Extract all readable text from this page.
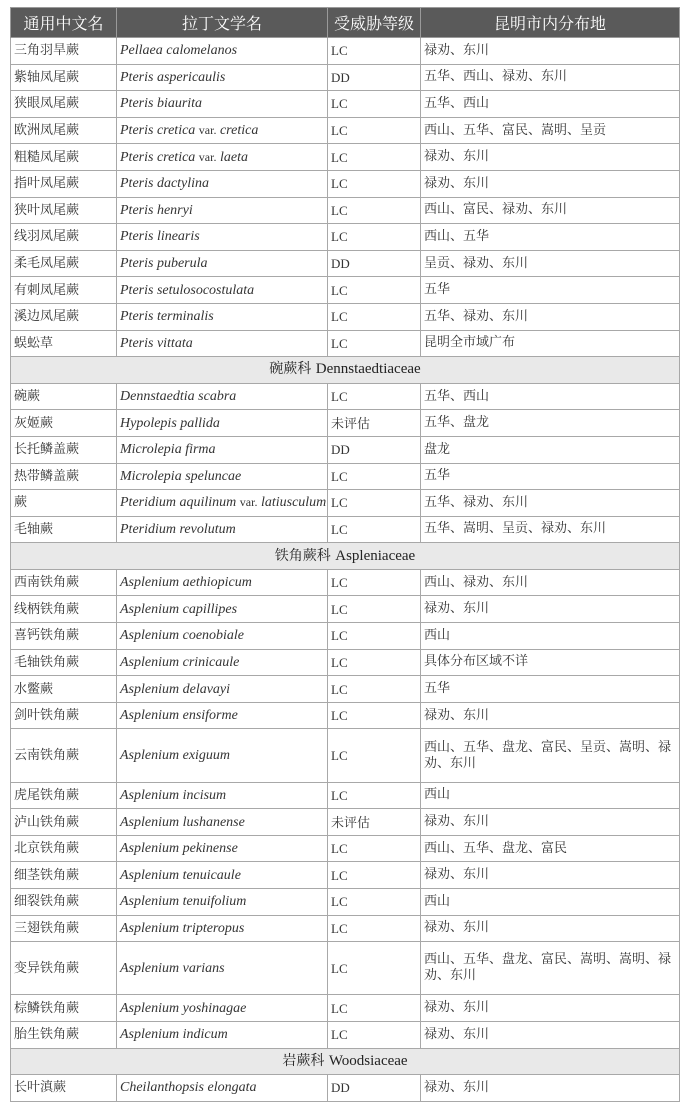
通用中文名	拉丁文学名	受威胁等级	昆明市内分布地
三角羽旱蕨	Pellaea calomelanos	LC	禄劝、东川
紫轴凤尾蕨	Pteris aspericaulis	DD	五华、西山、禄劝、东川
狭眼凤尾蕨	Pteris biaurita	LC	五华、西山
欧洲凤尾蕨	Pteris cretica var. cretica	LC	西山、五华、富民、嵩明、呈贡
粗糙凤尾蕨	Pteris cretica var. laeta	LC	禄劝、东川
指叶凤尾蕨	Pteris dactylina	LC	禄劝、东川
狭叶凤尾蕨	Pteris henryi	LC	西山、富民、禄劝、东川
线羽凤尾蕨	Pteris linearis	LC	西山、五华
柔毛凤尾蕨	Pteris puberula	DD	呈贡、禄劝、东川
有刺凤尾蕨	Pteris setulosocostulata	LC	五华
溪边凤尾蕨	Pteris terminalis	LC	五华、禄劝、东川
蜈蚣草	Pteris vittata	LC	昆明全市域广布
碗蕨科 Dennstaedtiaceae			
碗蕨	Dennstaedtia scabra	LC	五华、西山
灰姬蕨	Hypolepis pallida	未评估	五华、盘龙
长托鳞盖蕨	Microlepia firma	DD	盘龙
热带鳞盖蕨	Microlepia speluncae	LC	五华
蕨	Pteridium aquilinum var. latiusculum	LC	五华、禄劝、东川
毛轴蕨	Pteridium revolutum	LC	五华、嵩明、呈贡、禄劝、东川
铁角蕨科 Aspleniaceae			
西南铁角蕨	Asplenium aethiopicum	LC	西山、禄劝、东川
线柄铁角蕨	Asplenium capillipes	LC	禄劝、东川
喜钙铁角蕨	Asplenium coenobiale	LC	西山
毛轴铁角蕨	Asplenium crinicaule	LC	具体分布区域不详
水鳖蕨	Asplenium delavayi	LC	五华
剑叶铁角蕨	Asplenium ensiforme	LC	禄劝、东川
云南铁角蕨	Asplenium exiguum	LC	西山、五华、盘龙、富民、呈贡、嵩明、禄劝、东川
虎尾铁角蕨	Asplenium incisum	LC	西山
泸山铁角蕨	Asplenium lushanense	未评估	禄劝、东川
北京铁角蕨	Asplenium pekinense	LC	西山、五华、盘龙、富民
细茎铁角蕨	Asplenium tenuicaule	LC	禄劝、东川
细裂铁角蕨	Asplenium tenuifolium	LC	西山
三翅铁角蕨	Asplenium tripteropus	LC	禄劝、东川
变异铁角蕨	Asplenium varians	LC	西山、五华、盘龙、富民、嵩明、嵩明、禄劝、东川
棕鳞铁角蕨	Asplenium yoshinagae	LC	禄劝、东川
胎生铁角蕨	Asplenium indicum	LC	禄劝、东川
岩蕨科 Woodsiaceae			
长叶滇蕨	Cheilanthopsis elongata	DD	禄劝、东川
